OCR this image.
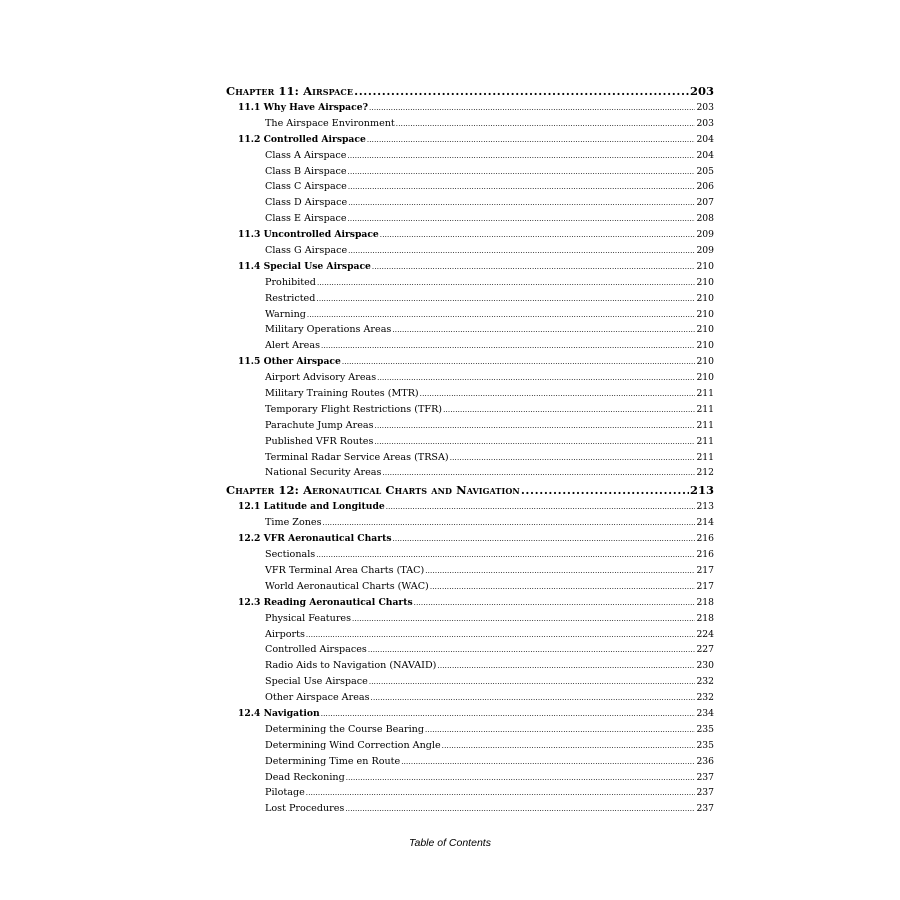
Chapter 11: Airspace .....	203
11.1 Why Have Airspace? .....	203
The Airspace Environment .....	203
11.2 Controlled Airspace .....	204
Class A Airspace .....	204
Class B Airspace .....	205
Class C Airspace .....	206
Class D Airspace .....	207
Class E Airspace .....	208
11.3 Uncontrolled Airspace .....	209
Class G Airspace .....	209
11.4 Special Use Airspace .....	210
Prohibited .....	210
Restricted .....	210
Warning .....	210
Military Operations Areas .....	210
Alert Areas .....	210
11.5 Other Airspace .....	210
Airport Advisory Areas .....	210
Military Training Routes (MTR) .....	211
Temporary Flight Restrictions (TFR) .....	211
Parachute Jump Areas .....	211
Published VFR Routes .....	211
Terminal Radar Service Areas (TRSA) .....	211
National Security Areas .....	212
Chapter 12: Aeronautical Charts and Navigation .....	213
12.1 Latitude and Longitude .....	213
Time Zones .....	214
12.2 VFR Aeronautical Charts .....	216
Sectionals .....	216
VFR Terminal Area Charts (TAC) .....	217
World Aeronautical Charts (WAC) .....	217
12.3 Reading Aeronautical Charts .....	218
Physical Features .....	218
Airports .....	224
Controlled Airspaces .....	227
Radio Aids to Navigation (NAVAID) .....	230
Special Use Airspace .....	232
Other Airspace Areas .....	232
12.4 Navigation .....	234
Determining the Course Bearing .....	235
Determining Wind Correction Angle .....	235
Determining Time en Route .....	236
Dead Reckoning .....	237
Pilotage .....	237
Lost Procedures .....	237
Table of Contents
